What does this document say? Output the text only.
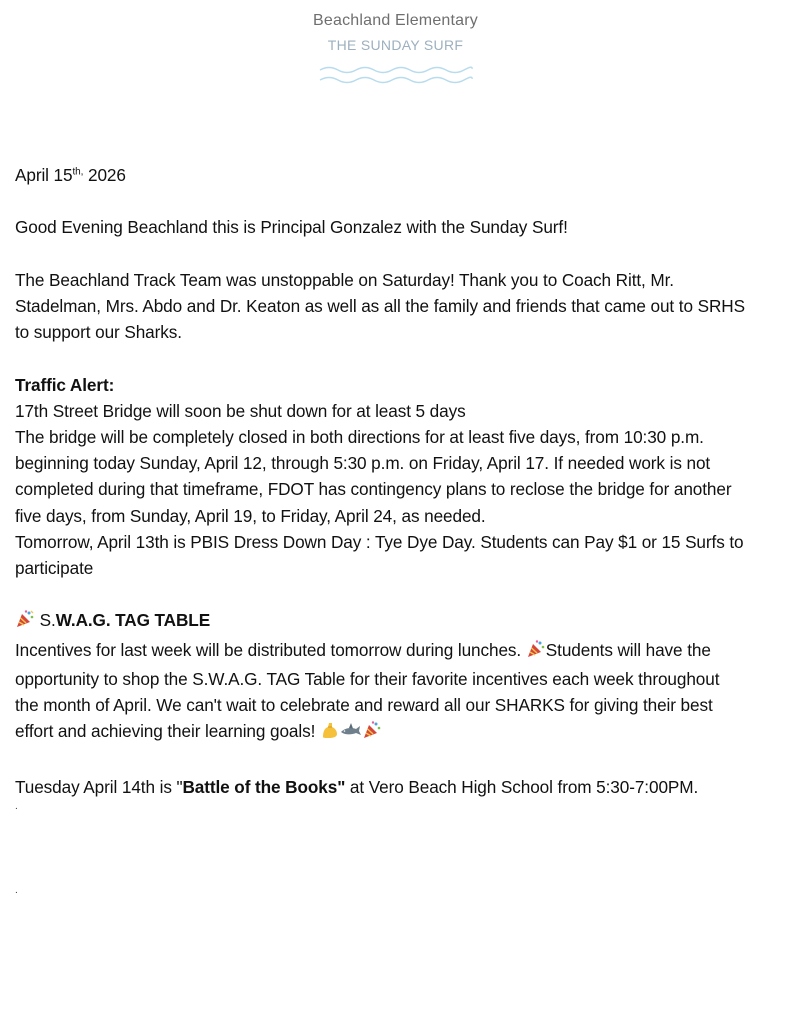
Beachland Elementary
THE SUNDAY SURF

April $15^{th,}$ 2026

Good Evening Beachland this is Principal Gonzalez with the Sunday Surf!

The Beachland Track Team was unstoppable on Saturday! Thank you to Coach Ritt, Mr.
Stadelman, Mrs. Abdo and Dr. Keaton as well as all the family and friends that came out to SRHS
to support our Sharks.

Traffic Alert:

17th Street Bridge will soon be shut down for at least 5 days
The bridge will be completely closed in both directions for at least five days, from 10:30 p.m.
beginning today Sunday, April 12, through 5:30 p.m. on Friday, April 17. If needed work is not
completed during that timeframe, FDOT has contingency plans to reclose the bridge for another
five days, from Sunday, April 19, to Friday, April 24, as needed.
Tomorrow, April 13th is PBIS Dress Down Day : Tye Dye Day. Students can Pay $1 or 15 Surfs to
participate

S.W.A.G. TAG TABLE

Incentives for last week will be distributed tomorrow during lunches. Students will have the
opportunity to shop the S.W.A.G. TAG Table for their favorite incentives each week throughout
the month of April. We can't wait to celebrate and reward all our SHARKS for giving their best
effort and achieving their learning goals!

Tuesday April 14th is "Battle of the Books" at Vero Beach High School from 5:30-7:00PM.

.
.
